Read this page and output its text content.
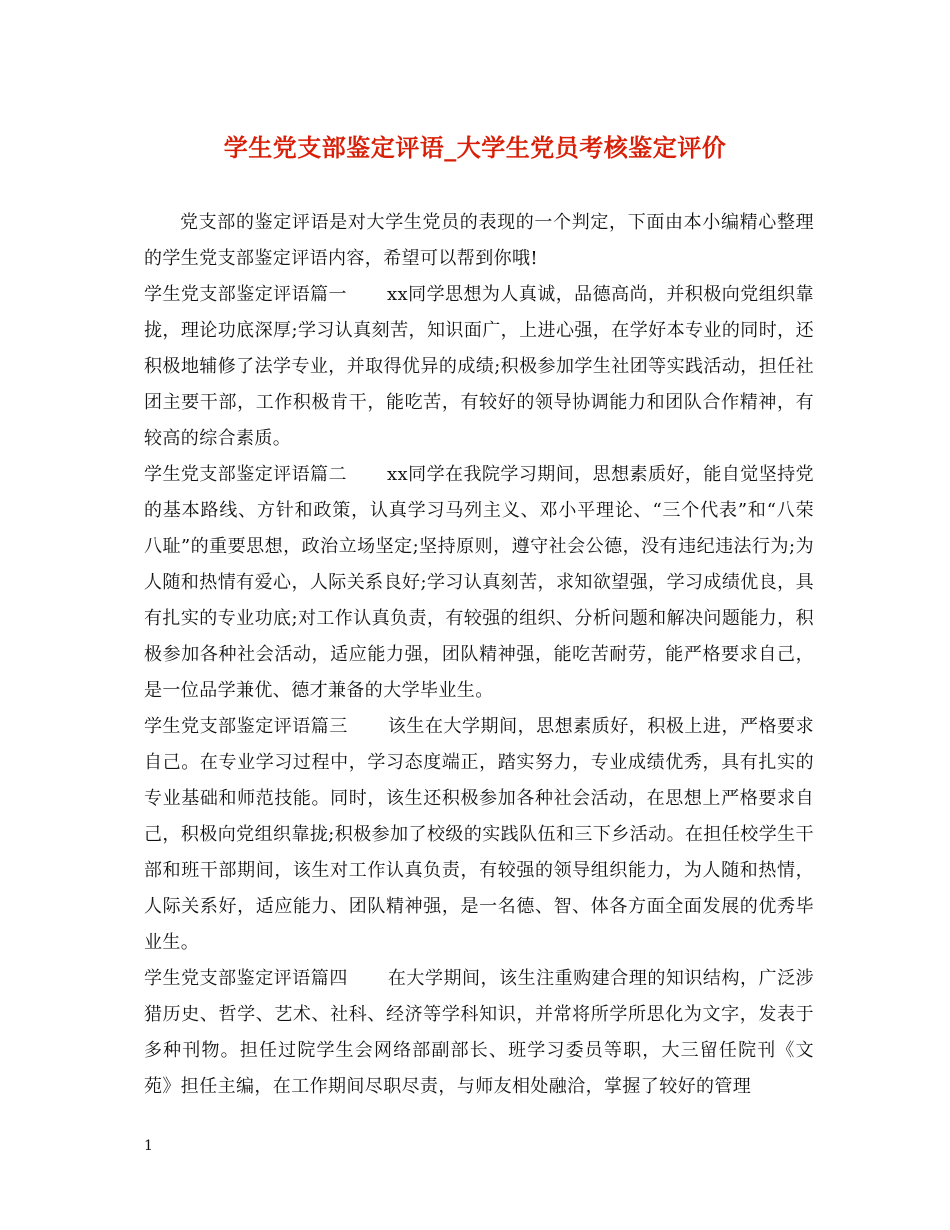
学生党支部鉴定评语_大学生党员考核鉴定评价

党支部的鉴定评语是对大学生党员的表现的一个判定，下面由本小编精心整理的学生党支部鉴定评语内容，希望可以帮到你哦!

学生党支部鉴定评语篇一 xx同学思想为人真诚，品德高尚，并积极向党组织靠拢，理论功底深厚;学习认真刻苦，知识面广，上进心强，在学好本专业的同时，还积极地辅修了法学专业，并取得优异的成绩;积极参加学生社团等实践活动，担任社团主要干部，工作积极肯干，能吃苦，有较好的领导协调能力和团队合作精神，有较高的综合素质。

学生党支部鉴定评语篇二 xx同学在我院学习期间，思想素质好，能自觉坚持党的基本路线、方针和政策，认真学习马列主义、邓小平理论、“三个代表”和“八荣八耻”的重要思想，政治立场坚定;坚持原则，遵守社会公德，没有违纪违法行为;为人随和热情有爱心，人际关系良好;学习认真刻苦，求知欲望强，学习成绩优良，具有扎实的专业功底;对工作认真负责，有较强的组织、分析问题和解决问题能力，积极参加各种社会活动，适应能力强，团队精神强，能吃苦耐劳，能严格要求自己，是一位品学兼优、德才兼备的大学毕业生。

学生党支部鉴定评语篇三 该生在大学期间，思想素质好，积极上进，严格要求自己。在专业学习过程中，学习态度端正，踏实努力，专业成绩优秀，具有扎实的专业基础和师范技能。同时，该生还积极参加各种社会活动，在思想上严格要求自己，积极向党组织靠拢;积极参加了校级的实践队伍和三下乡活动。在担任校学生干部和班干部期间，该生对工作认真负责，有较强的领导组织能力，为人随和热情，人际关系好，适应能力、团队精神强，是一名德、智、体各方面全面发展的优秀毕业生。

学生党支部鉴定评语篇四 在大学期间，该生注重购建合理的知识结构，广泛涉猎历史、哲学、艺术、社科、经济等学科知识，并常将所学所思化为文字，发表于多种刊物。担任过院学生会网络部副部长、班学习委员等职，大三留任院刊《文苑》担任主编，在工作期间尽职尽责，与师友相处融洽，掌握了较好的管理

1
